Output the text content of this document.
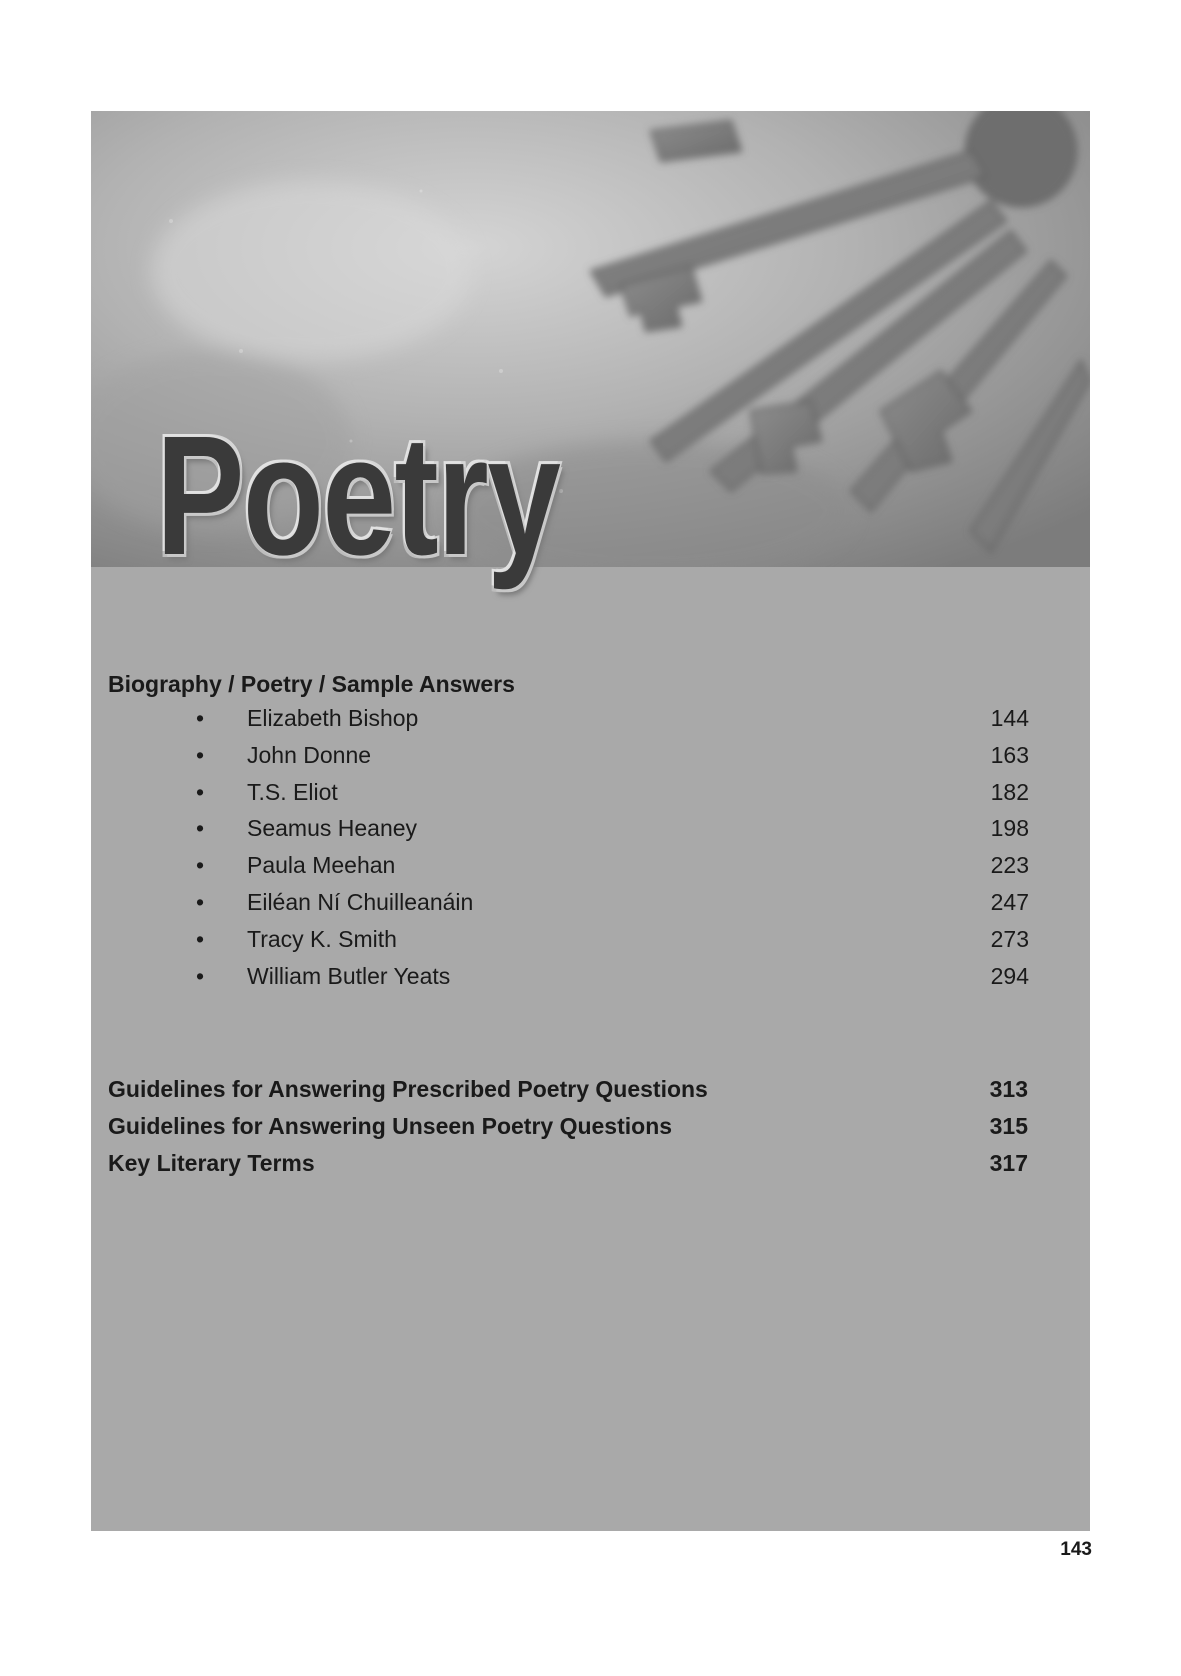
Poetry
Biography / Poetry / Sample Answers
• Elizabeth Bishop	144
• John Donne	163
• T.S. Eliot	182
• Seamus Heaney	198
• Paula Meehan	223
• Eiléan Ní Chuilleanáin	247
• Tracy K. Smith	273
• William Butler Yeats	294
Guidelines for Answering Prescribed Poetry Questions	313
Guidelines for Answering Unseen Poetry Questions	315
Key Literary Terms	317
143
